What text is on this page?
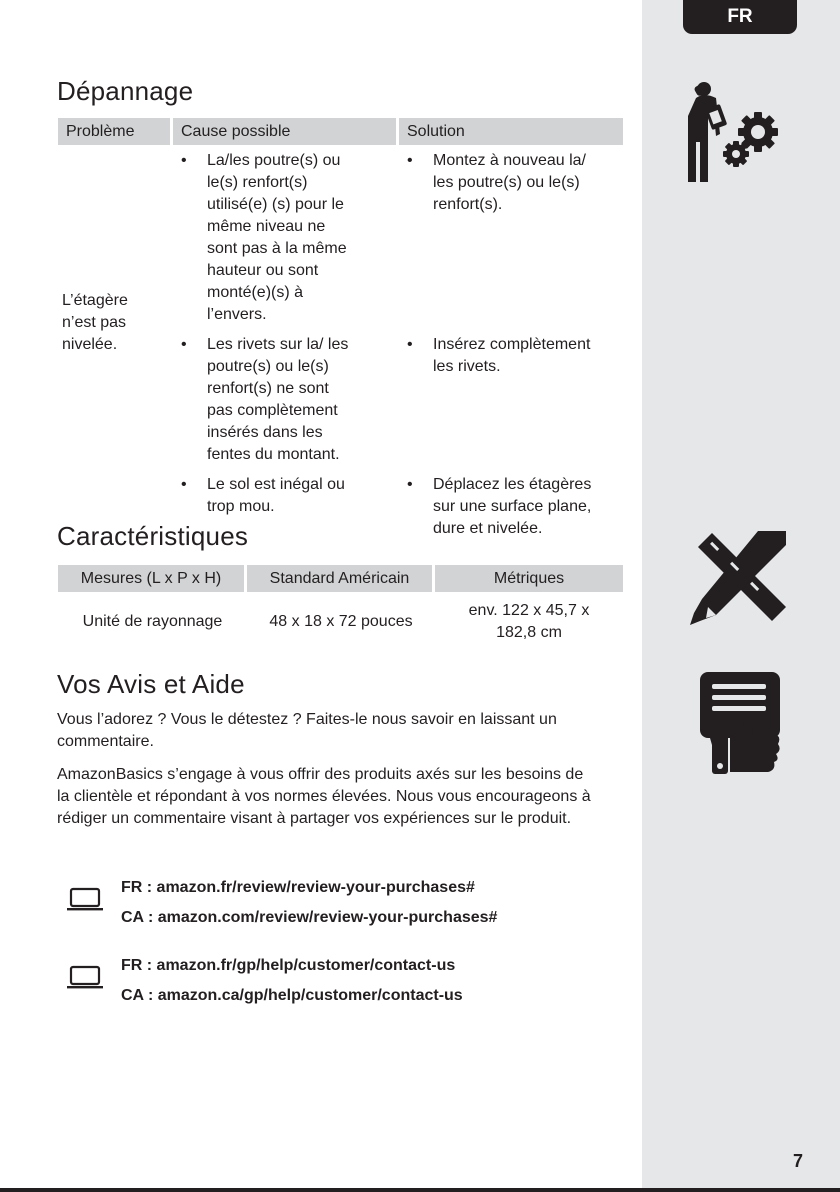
FR
7
Dépannage
Problème	Cause possible	Solution

L’étagère n’est pas nivelée.	• La/les poutre(s) ou le(s) renfort(s) utilisé(e) (s) pour le même niveau ne sont pas à la même hauteur ou sont monté(e)(s) à l’envers.	• Montez à nouveau la/ les poutre(s) ou le(s) renfort(s).

	• Les rivets sur la/ les poutre(s) ou le(s) renfort(s) ne sont pas complètement insérés dans les fentes du montant.	• Insérez complètement les rivets.

	• Le sol est inégal ou trop mou.	• Déplacez les étagères sur une surface plane, dure et nivelée.
Caractéristiques
Mesures (L x P x H)	Standard Américain	Métriques
Unité de rayonnage	48 x 18 x 72 pouces	env. 122 x 45,7 x 182,8 cm
Vos Avis et Aide

Vous l’adorez ? Vous le détestez ? Faites-le nous savoir en laissant un commentaire.

AmazonBasics s’engage à vous offrir des produits axés sur les besoins de la clientèle et répondant à vos normes élevées. Nous vous encourageons à rédiger un commentaire visant à partager vos expériences sur le produit.

FR : amazon.fr/review/review-your-purchases#
CA : amazon.com/review/review-your-purchases#
FR : amazon.fr/gp/help/customer/contact-us
CA : amazon.ca/gp/help/customer/contact-us
